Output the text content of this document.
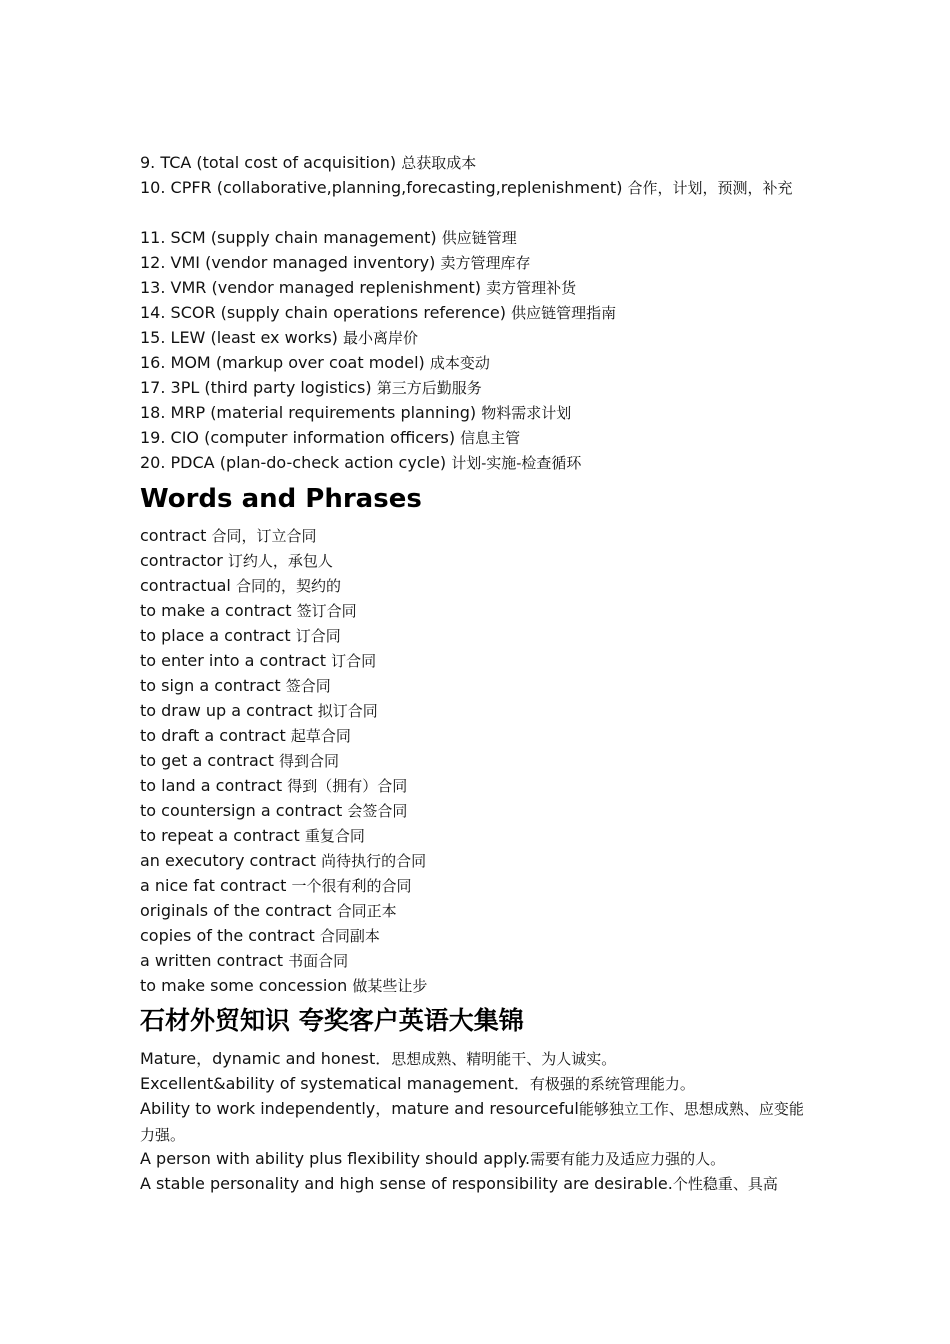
9. TCA (total cost of acquisition) 总获取成本
10. CPFR (collaborative,planning,forecasting,replenishment) 合作，计划，预测，补充
11. SCM (supply chain management) 供应链管理
12. VMI (vendor managed inventory) 卖方管理库存
13. VMR (vendor managed replenishment) 卖方管理补货
14. SCOR (supply chain operations reference) 供应链管理指南
15. LEW (least ex works) 最小离岸价
16. MOM (markup over coat model) 成本变动
17. 3PL (third party logistics) 第三方后勤服务
18. MRP (material requirements planning) 物料需求计划
19. CIO (computer information officers) 信息主管
20. PDCA (plan-do-check action cycle) 计划-实施-检查循环
Words and Phrases
contract 合同，订立合同
contractor 订约人，承包人
contractual 合同的，契约的
to make a contract 签订合同
to place a contract 订合同
to enter into a contract 订合同
to sign a contract 签合同
to draw up a contract 拟订合同
to draft a contract 起草合同
to get a contract 得到合同
to land a contract 得到（拥有）合同
to countersign a contract 会签合同
to repeat a contract 重复合同
an executory contract 尚待执行的合同
a nice fat contract 一个很有利的合同
originals of the contract 合同正本
copies of the contract 合同副本
a written contract 书面合同
to make some concession 做某些让步
石材外贸知识 夸奖客户英语大集锦
Mature，dynamic and honest．思想成熟、精明能干、为人诚实。
Excellent&ability of systematical management．有极强的系统管理能力。
Ability to work independently，mature and resourceful能够独立工作、思想成熟、应变能力强。
A person with ability plus flexibility should apply.需要有能力及适应力强的人。
A stable personality and high sense of responsibility are desirable.个性稳重、具高
